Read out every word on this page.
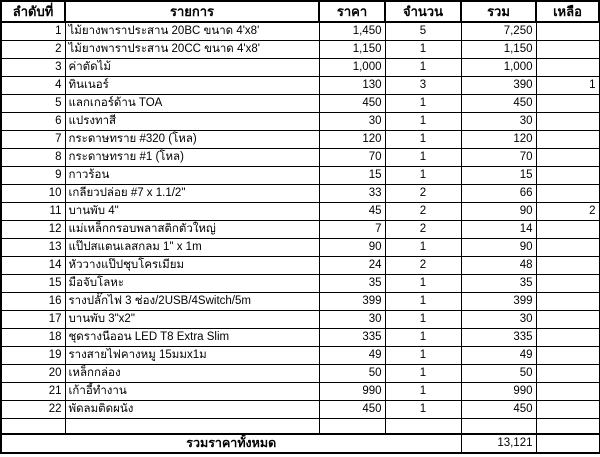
ลำดับที่	รายการ	ราคา	จำนวน	รวม	เหลือ
1	ไม้ยางพาราประสาน 20BC ขนาด 4'x8'	1,450	5	7,250	
2	ไม้ยางพาราประสาน 20CC ขนาด 4'x8'	1,150	1	1,150	
3	ค่าตัดไม้	1,000	1	1,000	
4	ทินเนอร์	130	3	390	1
5	แลกเกอร์ด้าน TOA	450	1	450	
6	แปรงทาสี	30	1	30	
7	กระดาษทราย #320 (โหล)	120	1	120	
8	กระดาษทราย #1 (โหล)	70	1	70	
9	กาวร้อน	15	1	15	
10	เกลียวปล่อย #7 x 1.1/2"	33	2	66	
11	บานพับ 4"	45	2	90	2
12	แม่เหล็กกรอบพลาสติกตัวใหญ่	7	2	14	
13	แป๊ปสแตนเลสกลม 1" x 1m	90	1	90	
14	หัววางแป๊ปชุบโครเมียม	24	2	48	
15	มือจับโลหะ	35	1	35	
16	รางปลั๊กไฟ 3 ช่อง/2USB/4Switch/5m	399	1	399	
17	บานพับ 3"x2"	30	1	30	
18	ชุดรางนีออน LED T8 Extra Slim	335	1	335	
19	รางสายไฟคางหมู 15มมx1ม	49	1	49	
20	เหล็กกล่อง	50	1	50	
21	เก้าอี้ทำงาน	990	1	990	
22	พัดลมติดผนัง	450	1	450	

รวมราคาทั้งหมด				13,121	
